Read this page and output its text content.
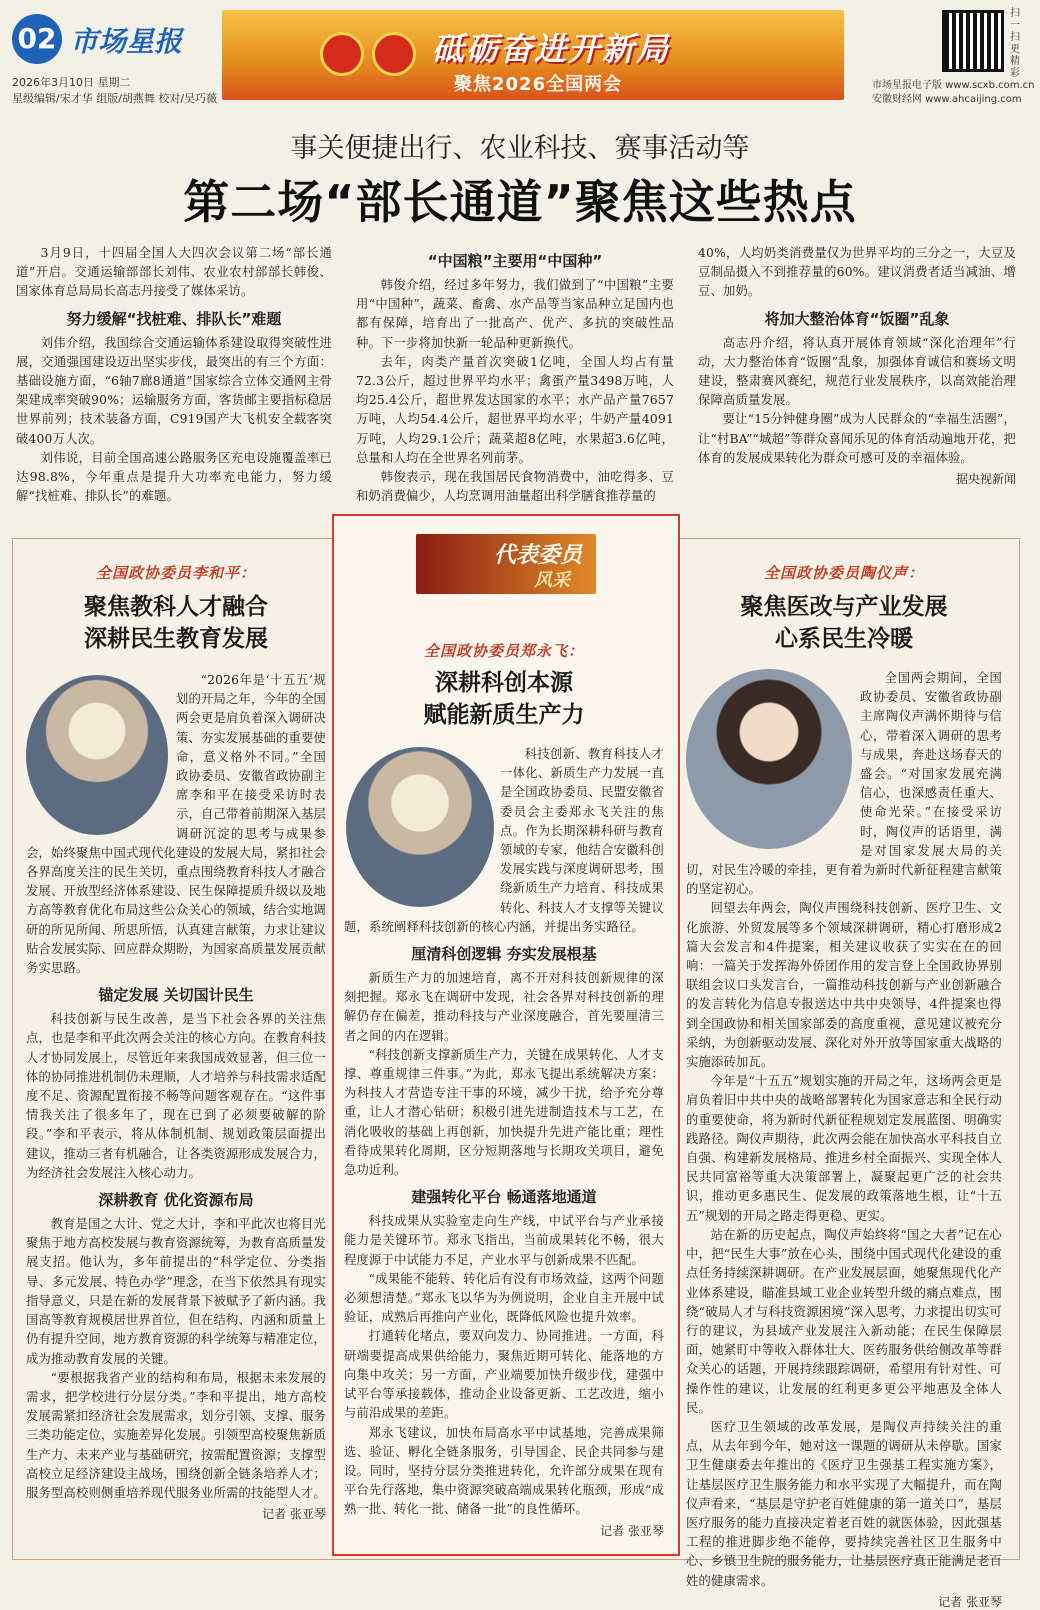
02 市场星报
2026年3月10日 星期二
星级编辑/宋才华 组版/胡燕舞 校对/吴巧薇
砥砺奋进开新局
聚焦2026全国两会
扫一扫 更精彩
市场星报电子版 www.scxb.com.cn
安徽财经网 www.ahcaijing.com
事关便捷出行、农业科技、赛事活动等
第二场“部长通道”聚焦这些热点

3月9日，十四届全国人大四次会议第二场“部长通道”开启。交通运输部部长刘伟、农业农村部部长韩俊、国家体育总局局长高志丹接受了媒体采访。

努力缓解“找桩难、排队长”难题

刘伟介绍，我国综合交通运输体系建设取得突破性进展，交通强国建设迈出坚实步伐，最突出的有三个方面：基础设施方面，“6轴7廊8通道”国家综合立体交通网主骨架建成率突破90%；运输服务方面，客货邮主要指标稳居世界前列；技术装备方面，C919国产大飞机安全载客突破400万人次。

刘伟说，目前全国高速公路服务区充电设施覆盖率已达98.8%，今年重点是提升大功率充电能力，努力缓解“找桩难、排队长”的难题。

“中国粮”主要用“中国种”

韩俊介绍，经过多年努力，我们做到了“中国粮”主要用“中国种”，蔬菜、畜禽、水产品等当家品种立足国内也都有保障，培育出了一批高产、优产、多抗的突破性品种。下一步将加快新一轮品种更新换代。

去年，肉类产量首次突破1亿吨，全国人均占有量72.3公斤，超过世界平均水平；禽蛋产量3498万吨，人均25.4公斤，超世界发达国家的水平；水产品产量7657万吨，人均54.4公斤，超世界平均水平；牛奶产量4091万吨，人均29.1公斤；蔬菜超8亿吨，水果超3.6亿吨，总量和人均在全世界名列前茅。

韩俊表示，现在我国居民食物消费中，油吃得多、豆和奶消费偏少，人均烹调用油量超出科学膳食推荐量的

40%，人均奶类消费量仅为世界平均的三分之一，大豆及豆制品摄入不到推荐量的60%。建议消费者适当减油、增豆、加奶。

将加大整治体育“饭圈”乱象

高志丹介绍，将认真开展体育领域“深化治理年”行动，大力整治体育“饭圈”乱象，加强体育诚信和赛场文明建设，整肃赛风赛纪，规范行业发展秩序，以高效能治理保障高质量发展。

要让“15分钟健身圈”成为人民群众的“幸福生活圈”，让“村BA”“城超”等群众喜闻乐见的体育活动遍地开花，把体育的发展成果转化为群众可感可及的幸福体验。

据央视新闻
全国政协委员李和平：
聚焦教科人才融合
深耕民生教育发展

“2026年是‘十五五’规划的开局之年，今年的全国两会更是肩负着深入调研决策、夯实发展基础的重要使命，意义格外不同。”全国政协委员、安徽省政协副主席李和平在接受采访时表示，自己带着前期深入基层调研沉淀的思考与成果参会，始终聚焦中国式现代化建设的发展大局，紧扣社会各界高度关注的民生关切，重点围绕教育科技人才融合发展、开放型经济体系建设、民生保障提质升级以及地方高等教育优化布局这些公众关心的领域，结合实地调研的所见所闻、所思所悟，认真建言献策，力求让建议贴合发展实际、回应群众期盼，为国家高质量发展贡献务实思路。

锚定发展 关切国计民生

科技创新与民生改善，是当下社会各界的关注焦点，也是李和平此次两会关注的核心方向。在教育科技人才协同发展上，尽管近年来我国成效显著，但三位一体的协同推进机制仍未理顺，人才培养与科技需求适配度不足、资源配置衔接不畅等问题客观存在。“这件事情我关注了很多年了，现在已到了必须要破解的阶段。”李和平表示，将从体制机制、规划政策层面提出建议，推动三者有机融合，让各类资源形成发展合力，为经济社会发展注入核心动力。

深耕教育 优化资源布局

教育是国之大计、党之大计，李和平此次也将目光聚焦于地方高校发展与教育资源统筹，为教育高质量发展支招。他认为，多年前提出的“科学定位、分类指导、多元发展、特色办学”理念，在当下依然具有现实指导意义，只是在新的发展背景下被赋予了新内涵。我国高等教育规模居世界首位，但在结构、内涵和质量上仍有提升空间，地方教育资源的科学统筹与精准定位，成为推动教育发展的关键。

“要根据我省产业的结构和布局，根据未来发展的需求，把学校进行分层分类。”李和平提出，地方高校发展需紧扣经济社会发展需求，划分引领、支撑、服务三类功能定位，实施差异化发展。引领型高校聚焦新质生产力、未来产业与基础研究，按需配置资源；支撑型高校立足经济建设主战场，围绕创新全链条培养人才；服务型高校则侧重培养现代服务业所需的技能型人才。

记者 张亚琴
代表委员
风采
全国政协委员郑永飞：
深耕科创本源
赋能新质生产力

科技创新、教育科技人才一体化、新质生产力发展一直是全国政协委员、民盟安徽省委员会主委郑永飞关注的焦点。作为长期深耕科研与教育领域的专家，他结合安徽科创发展实践与深度调研思考，围绕新质生产力培育、科技成果转化、科技人才支撑等关键议题，系统阐释科技创新的核心内涵，并提出务实路径。

厘清科创逻辑 夯实发展根基

新质生产力的加速培育，离不开对科技创新规律的深刻把握。郑永飞在调研中发现，社会各界对科技创新的理解仍存在偏差，推动科技与产业深度融合，首先要厘清三者之间的内在逻辑。

“科技创新支撑新质生产力，关键在成果转化、人才支撑、尊重规律三件事。”为此，郑永飞提出系统解决方案：为科技人才营造专注干事的环境，减少干扰，给予充分尊重，让人才潜心钻研；积极引进先进制造技术与工艺，在消化吸收的基础上再创新，加快提升先进产能比重；理性看待成果转化周期，区分短期落地与长期攻关项目，避免急功近利。

建强转化平台 畅通落地通道

科技成果从实验室走向生产线，中试平台与产业承接能力是关键环节。郑永飞指出，当前成果转化不畅，很大程度源于中试能力不足，产业水平与创新成果不匹配。

“成果能不能转、转化后有没有市场效益，这两个问题必须想清楚。”郑永飞以华为为例说明，企业自主开展中试验证，成熟后再推向产业化，既降低风险也提升效率。

打通转化堵点，要双向发力、协同推进。一方面，科研端要提高成果供给能力，聚焦近期可转化、能落地的方向集中攻关；另一方面，产业端要加快升级步伐，建强中试平台等承接载体，推动企业设备更新、工艺改进，缩小与前沿成果的差距。

郑永飞建议，加快布局高水平中试基地，完善成果筛选、验证、孵化全链条服务，引导国企、民企共同参与建设。同时，坚持分层分类推进转化，允许部分成果在现有平台先行落地，集中资源突破高端成果转化瓶颈，形成“成熟一批、转化一批、储备一批”的良性循环。

记者 张亚琴
全国政协委员陶仪声：
聚焦医改与产业发展
心系民生冷暖

全国两会期间，全国政协委员、安徽省政协副主席陶仪声满怀期待与信心，带着深入调研的思考与成果，奔赴这场春天的盛会。“对国家发展充满信心，也深感责任重大、使命光荣。”在接受采访时，陶仪声的话语里，满是对国家发展大局的关切，对民生冷暖的牵挂，更有着为新时代新征程建言献策的坚定初心。

回望去年两会，陶仪声围绕科技创新、医疗卫生、文化旅游、外贸发展等多个领域深耕调研，精心打磨形成2篇大会发言和4件提案，相关建议收获了实实在在的回响：一篇关于发挥海外侨团作用的发言登上全国政协界别联组会议口头发言台，一篇推动科技创新与产业创新融合的发言转化为信息专报送达中共中央领导，4件提案也得到全国政协和相关国家部委的高度重视，意见建议被充分采纳，为创新驱动发展、深化对外开放等国家重大战略的实施添砖加瓦。

今年是“十五五”规划实施的开局之年，这场两会更是肩负着旧中共中央的战略部署转化为国家意志和全民行动的重要使命，将为新时代新征程规划定发展蓝图、明确实践路径。陶仪声期待，此次两会能在加快高水平科技自立自强、构建新发展格局、推进乡村全面振兴、实现全体人民共同富裕等重大决策部署上，凝聚起更广泛的社会共识，推动更多惠民生、促发展的政策落地生根，让“十五五”规划的开局之路走得更稳、更实。

站在新的历史起点，陶仪声始终将“国之大者”记在心中，把“民生大事”放在心头，围绕中国式现代化建设的重点任务持续深耕调研。在产业发展层面，她聚焦现代化产业体系建设，瞄准县域工业企业转型升级的痛点难点，围绕“破局人才与科技资源困境”深入思考，力求提出切实可行的建议，为县域产业发展注入新动能；在民生保障层面，她紧盯中等收入群体壮大、医药服务供给侧改革等群众关心的话题，开展持续跟踪调研，希望用有针对性、可操作性的建议，让发展的红利更多更公平地惠及全体人民。

医疗卫生领域的改革发展，是陶仪声持续关注的重点，从去年到今年，她对这一课题的调研从未停歇。国家卫生健康委去年推出的《医疗卫生强基工程实施方案》，让基层医疗卫生服务能力和水平实现了大幅提升，而在陶仪声看来，“基层是守护老百姓健康的第一道关口”，基层医疗服务的能力直接决定着老百姓的就医体验，因此强基工程的推进脚步绝不能停，要持续完善社区卫生服务中心、乡镇卫生院的服务能力，让基层医疗真正能满足老百姓的健康需求。

记者 张亚琴
